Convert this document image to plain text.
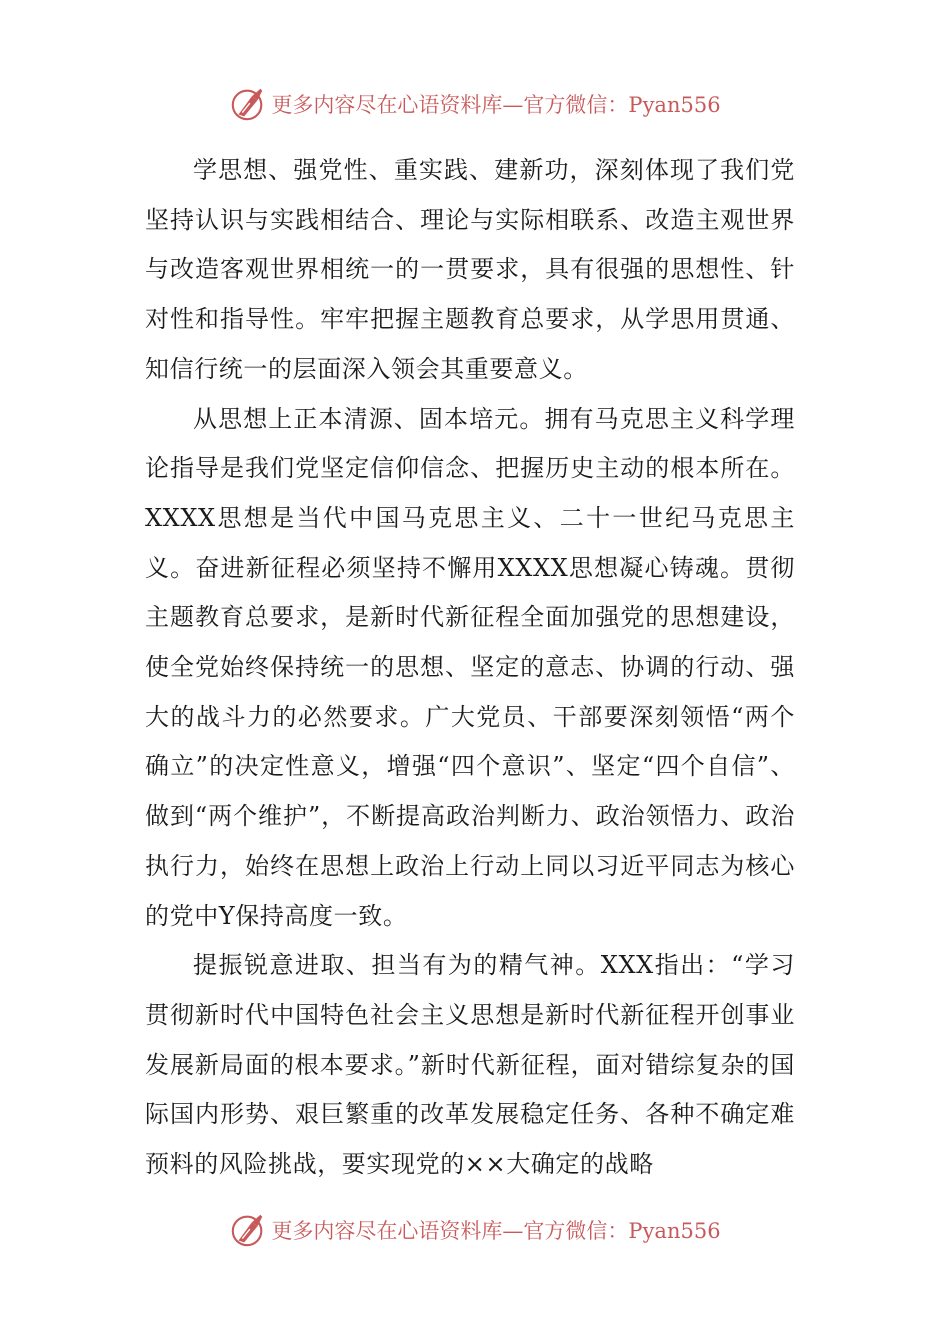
更多内容尽在心语资料库—官方微信：Pyan556

学思想、强党性、重实践、建新功，深刻体现了我们党坚持认识与实践相结合、理论与实际相联系、改造主观世界与改造客观世界相统一的一贯要求，具有很强的思想性、针对性和指导性。牢牢把握主题教育总要求，从学思用贯通、知信行统一的层面深入领会其重要意义。

从思想上正本清源、固本培元。拥有马克思主义科学理论指导是我们党坚定信仰信念、把握历史主动的根本所在。XXXX思想是当代中国马克思主义、二十一世纪马克思主义。奋进新征程必须坚持不懈用XXXX思想凝心铸魂。贯彻主题教育总要求，是新时代新征程全面加强党的思想建设，使全党始终保持统一的思想、坚定的意志、协调的行动、强大的战斗力的必然要求。广大党员、干部要深刻领悟“两个确立”的决定性意义，增强“四个意识”、坚定“四个自信”、做到“两个维护”，不断提高政治判断力、政治领悟力、政治执行力，始终在思想上政治上行动上同以习近平同志为核心的党中Y保持高度一致。

提振锐意进取、担当有为的精气神。XXX指出：“学习贯彻新时代中国特色社会主义思想是新时代新征程开创事业发展新局面的根本要求。”新时代新征程，面对错综复杂的国际国内形势、艰巨繁重的改革发展稳定任务、各种不确定难预料的风险挑战，要实现党的××大确定的战略

更多内容尽在心语资料库—官方微信：Pyan556
